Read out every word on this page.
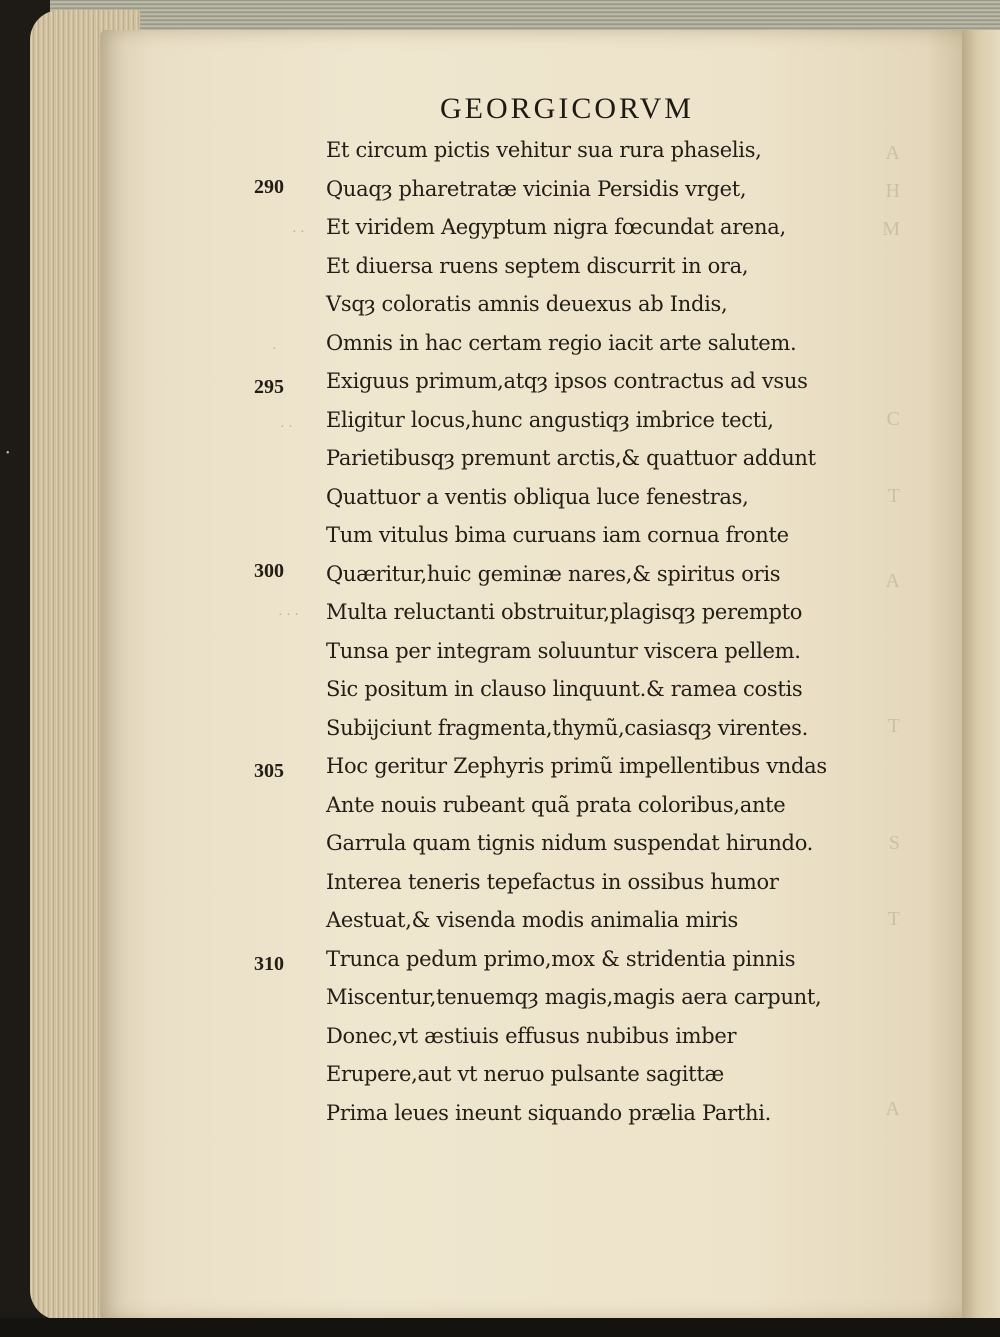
A
H
M
C
T
A
T
S
T
A
· ·
·
· ·
· · ·
•
GEORGICORVM
290
295
300
305
310
Et circum pictis vehitur sua rura phaselis,
Quaqȝ pharetratæ vicinia Persidis vrget,
Et viridem Aegyptum nigra fœcundat arena,
Et diuersa ruens septem discurrit in ora,
Vsqȝ coloratis amnis deuexus ab Indis,
Omnis in hac certam regio iacit arte salutem.
Exiguus primum,atqȝ ipsos contractus ad vsus
Eligitur locus,hunc angustiqȝ imbrice tecti,
Parietibusqȝ premunt arctis,& quattuor addunt
Quattuor a ventis obliqua luce fenestras,
Tum vitulus bima curuans iam cornua fronte
Quæritur,huic geminæ nares,& spiritus oris
Multa reluctanti obstruitur,plagisqȝ perempto
Tunsa per integram soluuntur viscera pellem.
Sic positum in clauso linquunt.& ramea costis
Subijciunt fragmenta,thymũ,casiasqȝ virentes.
Hoc geritur Zephyris primũ impellentibus vndas
Ante nouis rubeant quã prata coloribus,ante
Garrula quam tignis nidum suspendat hirundo.
Interea teneris tepefactus in ossibus humor
Aestuat,& visenda modis animalia miris
Trunca pedum primo,mox & stridentia pinnis
Miscentur,tenuemqȝ magis,magis aera carpunt,
Donec,vt æstiuis effusus nubibus imber
Erupere,aut vt neruo pulsante sagittæ
Prima leues ineunt siquando prælia Parthi.
